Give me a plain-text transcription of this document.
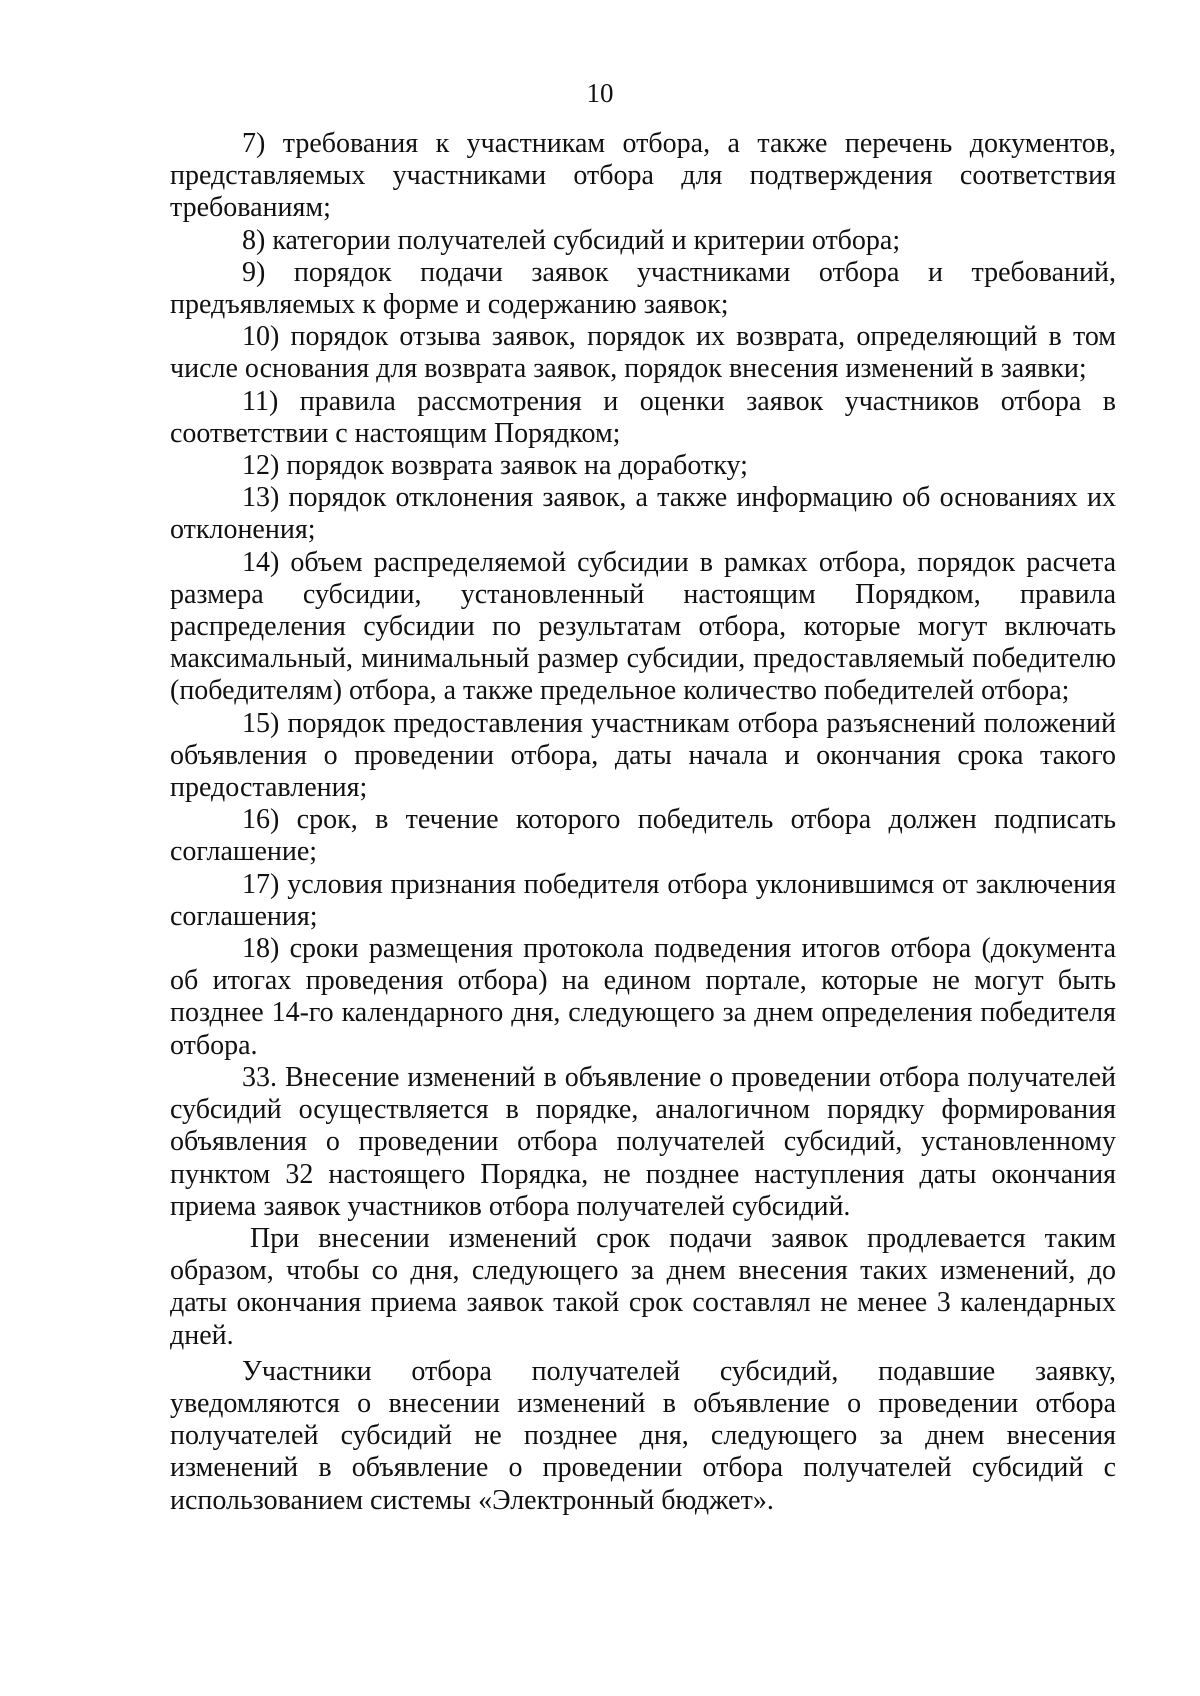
10

7) требования к участникам отбора, а также перечень документов, представляемых участниками отбора для подтверждения соответствия требованиям;

8) категории получателей субсидий и критерии отбора;

9) порядок подачи заявок участниками отбора и требований, предъявляемых к форме и содержанию заявок;

10) порядок отзыва заявок, порядок их возврата, определяющий в том числе основания для возврата заявок, порядок внесения изменений в заявки;

11) правила рассмотрения и оценки заявок участников отбора в соответствии с настоящим Порядком;

12) порядок возврата заявок на доработку;

13) порядок отклонения заявок, а также информацию об основаниях их отклонения;

14) объем распределяемой субсидии в рамках отбора, порядок расчета размера субсидии, установленный настоящим Порядком, правила распределения субсидии по результатам отбора, которые могут включать максимальный, минимальный размер субсидии, предоставляемый победителю (победителям) отбора, а также предельное количество победителей отбора;

15) порядок предоставления участникам отбора разъяснений положений объявления о проведении отбора, даты начала и окончания срока такого предоставления;

16) срок, в течение которого победитель отбора должен подписать соглашение;

17) условия признания победителя отбора уклонившимся от заключения соглашения;

18) сроки размещения протокола подведения итогов отбора (документа об итогах проведения отбора) на едином портале, которые не могут быть позднее 14-го календарного дня, следующего за днем определения победителя отбора.

33. Внесение изменений в объявление о проведении отбора получателей субсидий осуществляется в порядке, аналогичном порядку формирования объявления о проведении отбора получателей субсидий, установленному пунктом 32 настоящего Порядка, не позднее наступления даты окончания приема заявок участников отбора получателей субсидий.

При внесении изменений срок подачи заявок продлевается таким образом, чтобы со дня, следующего за днем внесения таких изменений, до даты окончания приема заявок такой срок составлял не менее 3 календарных дней.

Участники отбора получателей субсидий, подавшие заявку, уведомляются о внесении изменений в объявление о проведении отбора получателей субсидий не позднее дня, следующего за днем внесения изменений в объявление о проведении отбора получателей субсидий с использованием системы «Электронный бюджет».
